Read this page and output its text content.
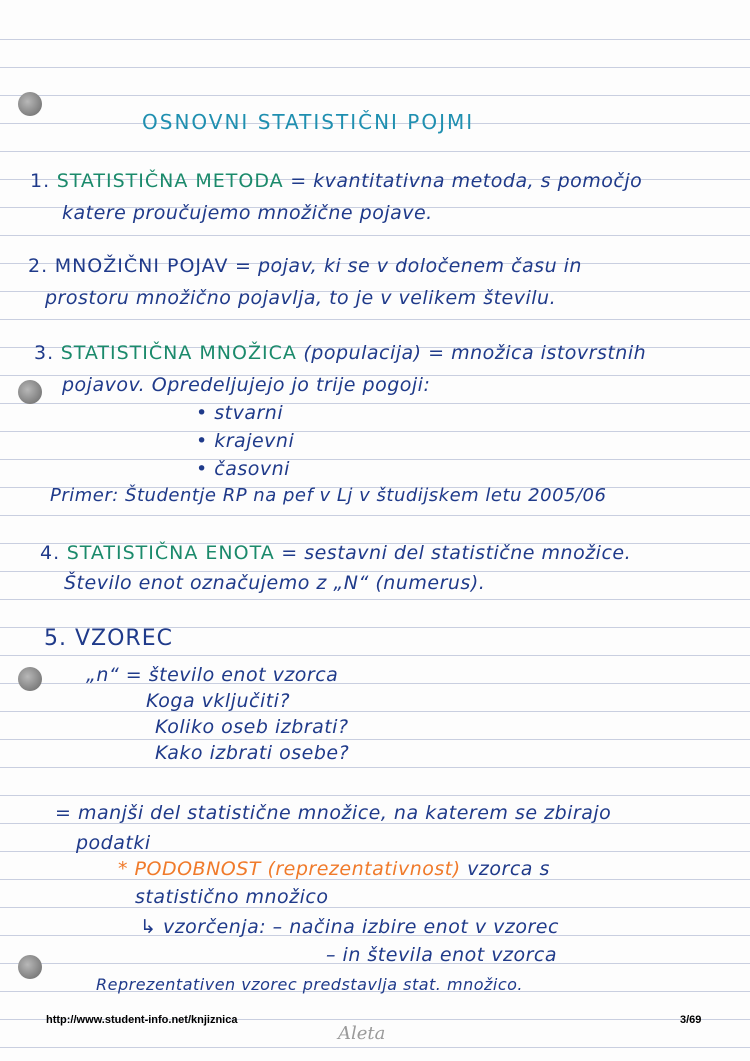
OSNOVNI STATISTIČNI POJMI
1. STATISTIČNA METODA = kvantitativna metoda, s pomočjo
katere proučujemo množične pojave.
2. MNOŽIČNI POJAV = pojav, ki se v določenem času in
prostoru množično pojavlja, to je v velikem številu.
3. STATISTIČNA MNOŽICA (populacija) = množica istovrstnih
pojavov. Opredeljujejo jo trije pogoji:
• stvarni
• krajevni
• časovni
Primer: Študentje RP na pef v Lj v študijskem letu 2005/06
4. STATISTIČNA ENOTA = sestavni del statistične množice.
Število enot označujemo z „N“ (numerus).
5. VZOREC
„n“ = število enot vzorca
Koga vključiti?
Koliko oseb izbrati?
Kako izbrati osebe?
= manjši del statistične množice, na katerem se zbirajo
podatki
* PODOBNOST (reprezentativnost) vzorca s
statistično množico
↳ vzorčenja: – načina izbire enot v vzorec
– in števila enot vzorca
Reprezentativen vzorec predstavlja stat. množico.
http://www.student-info.net/knjiznica	3/69
Aleta
